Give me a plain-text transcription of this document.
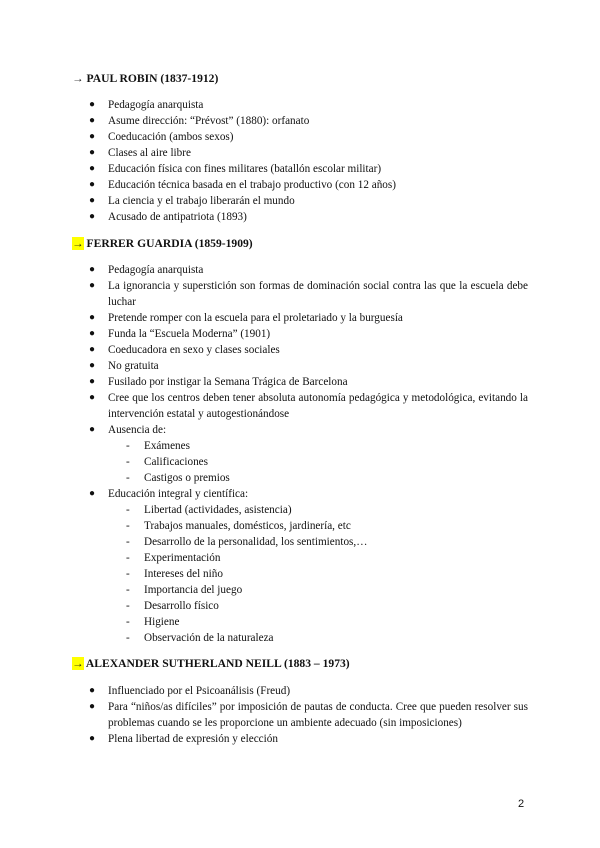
→ PAUL ROBIN (1837-1912)
● Pedagogía anarquista
● Asume dirección: “Prévost” (1880): orfanato
● Coeducación (ambos sexos)
● Clases al aire libre
● Educación física con fines militares (batallón escolar militar)
● Educación técnica basada en el trabajo productivo (con 12 años)
● La ciencia y el trabajo liberarán el mundo
● Acusado de antipatriota (1893)
→ FERRER GUARDIA (1859-1909)
● Pedagogía anarquista
● La ignorancia y superstición son formas de dominación social contra las que la escuela debe luchar
● Pretende romper con la escuela para el proletariado y la burguesía
● Funda la “Escuela Moderna” (1901)
● Coeducadora en sexo y clases sociales
● No gratuita
● Fusilado por instigar la Semana Trágica de Barcelona
● Cree que los centros deben tener absoluta autonomía pedagógica y metodológica, evitando la intervención estatal y autogestionándose
● Ausencia de:
- Exámenes
- Calificaciones
- Castigos o premios
● Educación integral y científica:
- Libertad (actividades, asistencia)
- Trabajos manuales, domésticos, jardinería, etc
- Desarrollo de la personalidad, los sentimientos,…
- Experimentación
- Intereses del niño
- Importancia del juego
- Desarrollo físico
- Higiene
- Observación de la naturaleza
→ ALEXANDER SUTHERLAND NEILL (1883 – 1973)
● Influenciado por el Psicoanálisis (Freud)
● Para “niños/as difíciles” por imposición de pautas de conducta. Cree que pueden resolver sus problemas cuando se les proporcione un ambiente adecuado (sin imposiciones)
● Plena libertad de expresión y elección
2
